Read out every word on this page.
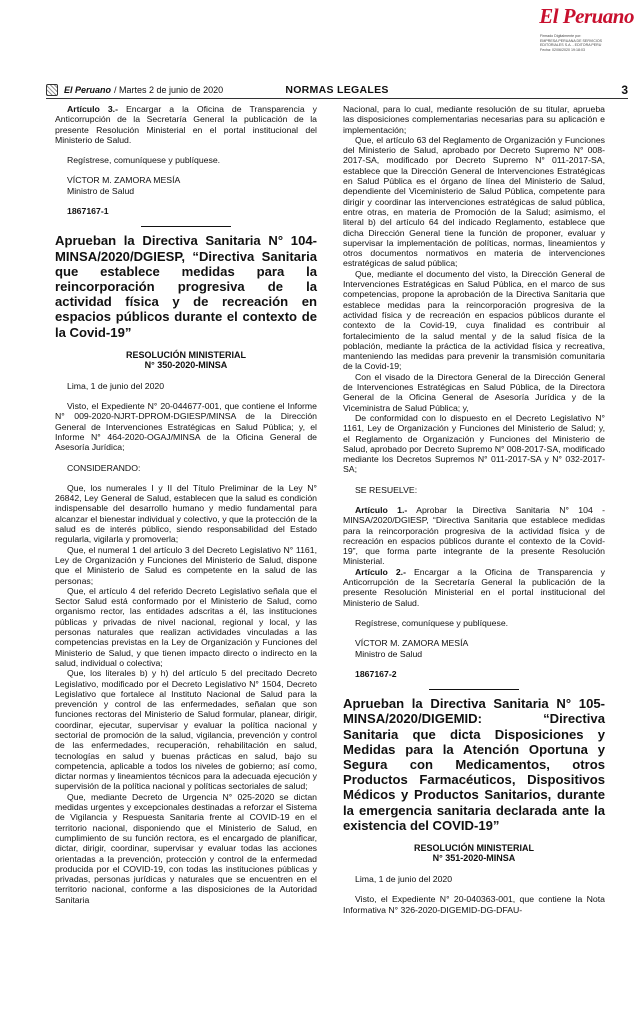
El Peruano
Firmado Digitalmente por:
EMPRESA PERUANA DE SERVICIOS
EDITORIALES S.A. - EDITORA PERU
Fecha: 02/06/2020 19:18:03
El Peruano / Martes 2 de junio de 2020	NORMAS LEGALES	3

Artículo 3.- Encargar a la Oficina de Transparencia y Anticorrupción de la Secretaría General la publicación de la presente Resolución Ministerial en el portal institucional del Ministerio de Salud.

Regístrese, comuníquese y publíquese.

VÍCTOR M. ZAMORA MESÍA

Ministro de Salud

1867167-1

Aprueban la Directiva Sanitaria N° 104-MINSA/2020/DGIESP, “Directiva Sanitaria que establece medidas para la reincorporación progresiva de la actividad física y de recreación en espacios públicos durante el contexto de la Covid-19”

RESOLUCIÓN MINISTERIAL
N° 350-2020-MINSA

Lima, 1 de junio del 2020

Visto, el Expediente N° 20-044677-001, que contiene el Informe N° 009-2020-NJRT-DPROM-DGIESP/MINSA de la Dirección General de Intervenciones Estratégicas en Salud Pública; y, el Informe N° 464-2020-OGAJ/MINSA de la Oficina General de Asesoría Jurídica;

CONSIDERANDO:

Que, los numerales I y II del Título Preliminar de la Ley N° 26842, Ley General de Salud, establecen que la salud es condición indispensable del desarrollo humano y medio fundamental para alcanzar el bienestar individual y colectivo, y que la protección de la salud es de interés público, siendo responsabilidad del Estado regularla, vigilarla y promoverla;

Que, el numeral 1 del artículo 3 del Decreto Legislativo N° 1161, Ley de Organización y Funciones del Ministerio de Salud, dispone que el Ministerio de Salud es competente en la salud de las personas;

Que, el artículo 4 del referido Decreto Legislativo señala que el Sector Salud está conformado por el Ministerio de Salud, como organismo rector, las entidades adscritas a él, las instituciones públicas y privadas de nivel nacional, regional y local, y las personas naturales que realizan actividades vinculadas a las competencias previstas en la Ley de Organización y Funciones del Ministerio de Salud, y que tienen impacto directo o indirecto en la salud, individual o colectiva;

Que, los literales b) y h) del artículo 5 del precitado Decreto Legislativo, modificado por el Decreto Legislativo N° 1504, Decreto Legislativo que fortalece al Instituto Nacional de Salud para la prevención y control de las enfermedades, señalan que son funciones rectoras del Ministerio de Salud formular, planear, dirigir, coordinar, ejecutar, supervisar y evaluar la política nacional y sectorial de promoción de la salud, vigilancia, prevención y control de las enfermedades, recuperación, rehabilitación en salud, tecnologías en salud y buenas prácticas en salud, bajo su competencia, aplicable a todos los niveles de gobierno; así como, dictar normas y lineamientos técnicos para la adecuada ejecución y supervisión de la política nacional y políticas sectoriales de salud;

Que, mediante Decreto de Urgencia N° 025-2020 se dictan medidas urgentes y excepcionales destinadas a reforzar el Sistema de Vigilancia y Respuesta Sanitaria frente al COVID-19 en el territorio nacional, disponiendo que el Ministerio de Salud, en cumplimiento de su función rectora, es el encargado de planificar, dictar, dirigir, coordinar, supervisar y evaluar todas las acciones orientadas a la prevención, protección y control de la enfermedad producida por el COVID-19, con todas las instituciones públicas y privadas, personas jurídicas y naturales que se encuentren en el territorio nacional, conforme a las disposiciones de la Autoridad Sanitaria

Nacional, para lo cual, mediante resolución de su titular, aprueba las disposiciones complementarias necesarias para su aplicación e implementación;

Que, el artículo 63 del Reglamento de Organización y Funciones del Ministerio de Salud, aprobado por Decreto Supremo N° 008-2017-SA, modificado por Decreto Supremo N° 011-2017-SA, establece que la Dirección General de Intervenciones Estratégicas en Salud Pública es el órgano de línea del Ministerio de Salud, dependiente del Viceministerio de Salud Pública, competente para dirigir y coordinar las intervenciones estratégicas de salud pública, entre otras, en materia de Promoción de la Salud; asimismo, el literal b) del artículo 64 del indicado Reglamento, establece que dicha Dirección General tiene la función de proponer, evaluar y supervisar la implementación de políticas, normas, lineamientos y otros documentos normativos en materia de intervenciones estratégicas de salud pública;

Que, mediante el documento del visto, la Dirección General de Intervenciones Estratégicas en Salud Pública, en el marco de sus competencias, propone la aprobación de la Directiva Sanitaria que establece medidas para la reincorporación progresiva de la actividad física y de recreación en espacios públicos durante el contexto de la Covid-19, cuya finalidad es contribuir al fortalecimiento de la salud mental y de la salud física de la población, mediante la práctica de la actividad física y recreativa, manteniendo las medidas para prevenir la transmisión comunitaria de la Covid-19;

Con el visado de la Directora General de la Dirección General de Intervenciones Estratégicas en Salud Pública, de la Directora General de la Oficina General de Asesoría Jurídica y de la Viceministra de Salud Pública; y,

De conformidad con lo dispuesto en el Decreto Legislativo N° 1161, Ley de Organización y Funciones del Ministerio de Salud; y, el Reglamento de Organización y Funciones del Ministerio de Salud, aprobado por Decreto Supremo N° 008-2017-SA, modificado mediante los Decretos Supremos N° 011-2017-SA y N° 032-2017-SA;

SE RESUELVE:

Artículo 1.- Aprobar la Directiva Sanitaria N° 104 -MINSA/2020/DGIESP, “Directiva Sanitaria que establece medidas para la reincorporación progresiva de la actividad física y de recreación en espacios públicos durante el contexto de la Covid-19”, que forma parte integrante de la presente Resolución Ministerial.

Artículo 2.- Encargar a la Oficina de Transparencia y Anticorrupción de la Secretaría General la publicación de la presente Resolución Ministerial en el portal institucional del Ministerio de Salud.

Regístrese, comuníquese y publíquese.

VÍCTOR M. ZAMORA MESÍA

Ministro de Salud

1867167-2

Aprueban la Directiva Sanitaria N° 105-MINSA/2020/DIGEMID: “Directiva Sanitaria que dicta Disposiciones y Medidas para la Atención Oportuna y Segura con Medicamentos, otros Productos Farmacéuticos, Dispositivos Médicos y Productos Sanitarios, durante la emergencia sanitaria declarada ante la existencia del COVID-19”

RESOLUCIÓN MINISTERIAL
N° 351-2020-MINSA

Lima, 1 de junio del 2020

Visto, el Expediente N° 20-040363-001, que contiene la Nota Informativa N° 326-2020-DIGEMID-DG-DFAU-
